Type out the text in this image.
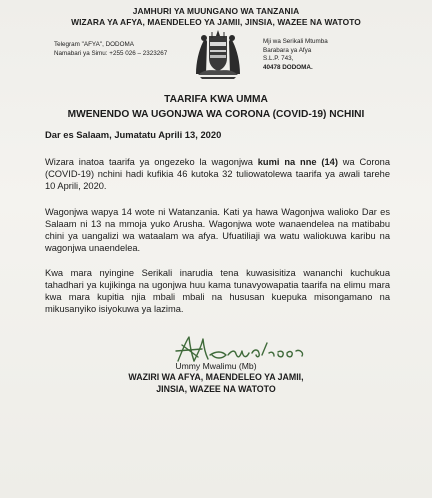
JAMHURI YA MUUNGANO WA TANZANIA
WIZARA YA AFYA, MAENDELEO YA JAMII, JINSIA, WAZEE NA WATOTO
Telegram "AFYA", DODOMA
Namabari ya Simu: +255 026 – 2323267
Mji wa Serikali Mtumba
Barabara ya Afya
S.L.P. 743,
40478 DODOMA.
TAARIFA KWA UMMA
MWENENDO WA UGONJWA WA CORONA (COVID-19) NCHINI
Dar es Salaam, Jumatatu Aprili 13, 2020
Wizara inatoa taarifa ya ongezeko la wagonjwa kumi na nne (14) wa Corona (COVID-19) nchini hadi kufikia 46 kutoka 32 tuliowatolewa taarifa ya awali tarehe 10 Aprili, 2020.
Wagonjwa wapya 14 wote ni Watanzania. Kati ya hawa Wagonjwa walioko Dar es Salaam ni 13 na mmoja yuko Arusha. Wagonjwa wote wanaendelea na matibabu chini ya uangalizi wa wataalam wa afya. Ufuatiliaji wa watu waliokuwa karibu na wagonjwa unaendelea.
Kwa mara nyingine Serikali inarudia tena kuwasisitiza wananchi kuchukua tahadhari ya kujikinga na ugonjwa huu kama tunavyowapatia taarifa na elimu mara kwa mara kupitia njia mbali mbali na hususan kuepuka misongamano na mikusanyiko isiyokuwa ya lazima.
Ummy Mwalimu (Mb)
WAZIRI WA AFYA, MAENDELEO YA JAMII,
JINSIA, WAZEE NA WATOTO
